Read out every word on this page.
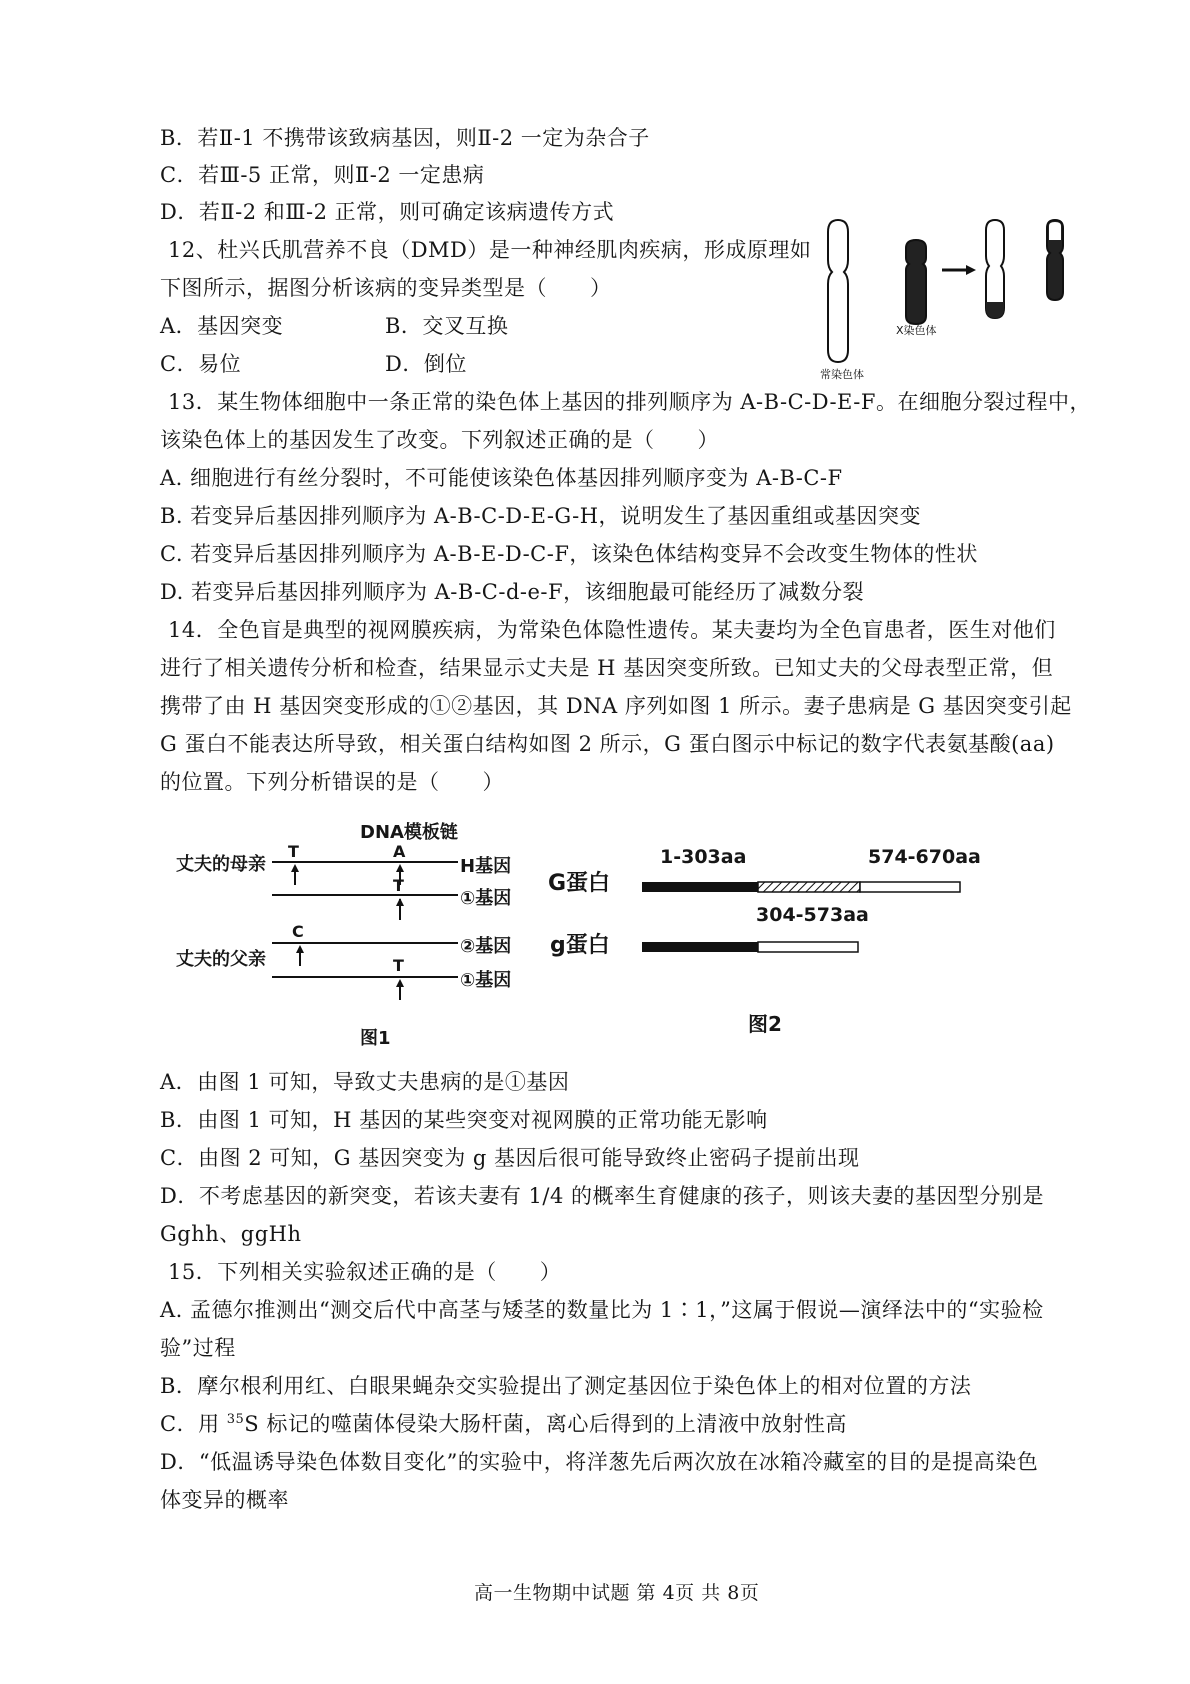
B．若Ⅱ-1 不携带该致病基因，则Ⅱ-2 一定为杂合子
C．若Ⅲ-5 正常，则Ⅱ-2 一定患病
D．若Ⅱ-2 和Ⅲ-2 正常，则可确定该病遗传方式
12、杜兴氏肌营养不良（DMD）是一种神经肌肉疾病，形成原理如
下图所示，据图分析该病的变异类型是（　　）
A．基因突变	B．交叉互换
C．易位	D．倒位
X染色体
常染色体
13．某生物体细胞中一条正常的染色体上基因的排列顺序为 A-B-C-D-E-F。在细胞分裂过程中，
该染色体上的基因发生了改变。下列叙述正确的是（　　）
A. 细胞进行有丝分裂时，不可能使该染色体基因排列顺序变为 A-B-C-F
B. 若变异后基因排列顺序为 A-B-C-D-E-G-H，说明发生了基因重组或基因突变
C. 若变异后基因排列顺序为 A-B-E-D-C-F，该染色体结构变异不会改变生物体的性状
D. 若变异后基因排列顺序为 A-B-C-d-e-F，该细胞最可能经历了减数分裂
14．全色盲是典型的视网膜疾病，为常染色体隐性遗传。某夫妻均为全色盲患者，医生对他们
进行了相关遗传分析和检查，结果显示丈夫是 H 基因突变所致。已知丈夫的父母表型正常，但
携带了由 H 基因突变形成的①②基因，其 DNA 序列如图 1 所示。妻子患病是 G 基因突变引起
G 蛋白不能表达所导致，相关蛋白结构如图 2 所示，G 蛋白图示中标记的数字代表氨基酸(aa)
的位置。下列分析错误的是（　　）
DNA模板链
丈夫的母亲
丈夫的父亲
H基因
①基因
②基因
①基因
T	A
T
C
T
图1
G蛋白
g蛋白
1-303aa	574-670aa
304-573aa
图2
A．由图 1 可知，导致丈夫患病的是①基因
B．由图 1 可知，H 基因的某些突变对视网膜的正常功能无影响
C．由图 2 可知，G 基因突变为 g 基因后很可能导致终止密码子提前出现
D．不考虑基因的新突变，若该夫妻有 1/4 的概率生育健康的孩子，则该夫妻的基因型分别是
Gghh、ggHh
15．下列相关实验叙述正确的是（　　）
A. 孟德尔推测出“测交后代中高茎与矮茎的数量比为 1∶1，”这属于假说—演绎法中的“实验检
验”过程
B．摩尔根利用红、白眼果蝇杂交实验提出了测定基因位于染色体上的相对位置的方法
C．用 $^{35}$S 标记的噬菌体侵染大肠杆菌，离心后得到的上清液中放射性高
D．“低温诱导染色体数目变化”的实验中，将洋葱先后两次放在冰箱冷藏室的目的是提高染色
体变异的概率
高一生物期中试题 第 4页 共 8页
